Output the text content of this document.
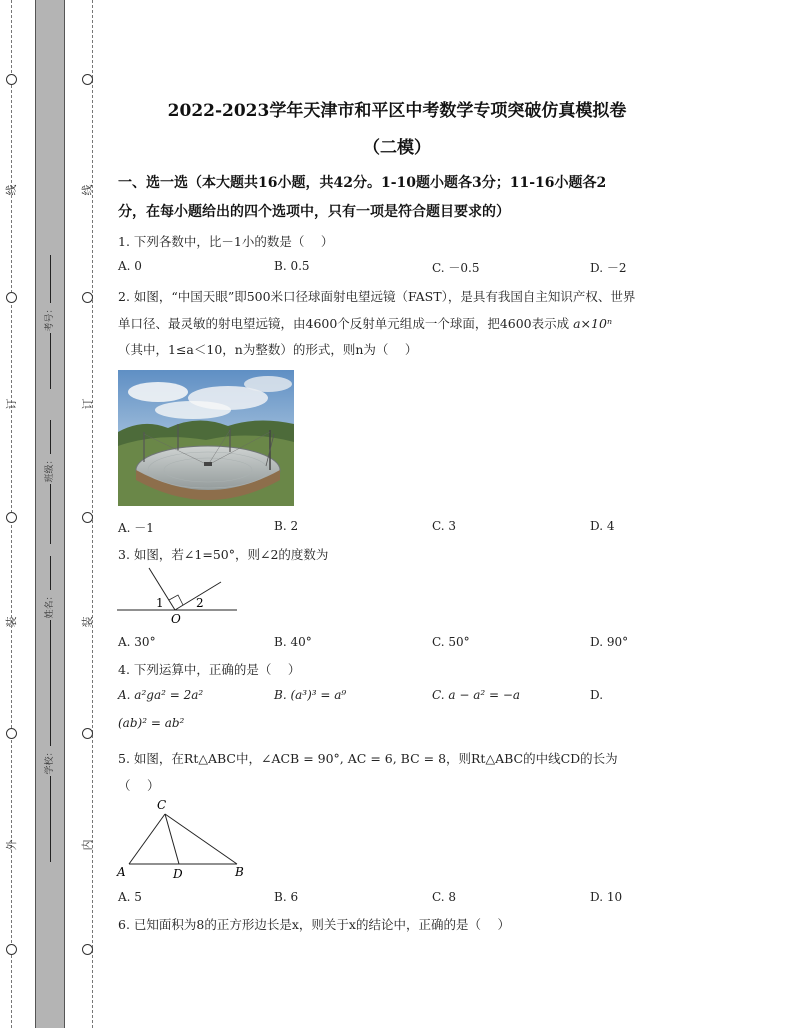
线
订
装
外
线
订
装
内
考号：
班级：
姓名：
学校：
2022-2023学年天津市和平区中考数学专项突破仿真模拟卷
（二模）
一、选一选（本大题共16小题，共42分。1-10题小题各3分；11-16小题各2
分，在每小题给出的四个选项中，只有一项是符合题目要求的）
1. 下列各数中，比－1小的数是（　 ）
A. 0	B. 0.5	C. －0.5	D. －2
2. 如图，“中国天眼”即500米口径球面射电望远镜（FAST），是具有我国自主知识产权、世界
单口径、最灵敏的射电望远镜，由4600个反射单元组成一个球面，把4600表示成 a×10ⁿ
（其中，1≤a＜10，n为整数）的形式，则n为（　 ）
A. －1	B. 2	C. 3	D. 4
3. 如图，若∠1=50°，则∠2的度数为
1	2
O
A. 30°	B. 40°	C. 50°	D. 90°
4. 下列运算中，正确的是（　 ）
A. a²ga² = 2a²	B. (a³)³ = a⁹	C. a − a² = −a	D.
(ab)² = ab²
5. 如图，在Rt△ABC中，∠ACB = 90°, AC = 6, BC = 8，则Rt△ABC的中线CD的长为
（　 ）
C
A	D	B
A. 5	B. 6	C. 8	D. 10
6. 已知面积为8的正方形边长是x，则关于x的结论中，正确的是（　 ）
